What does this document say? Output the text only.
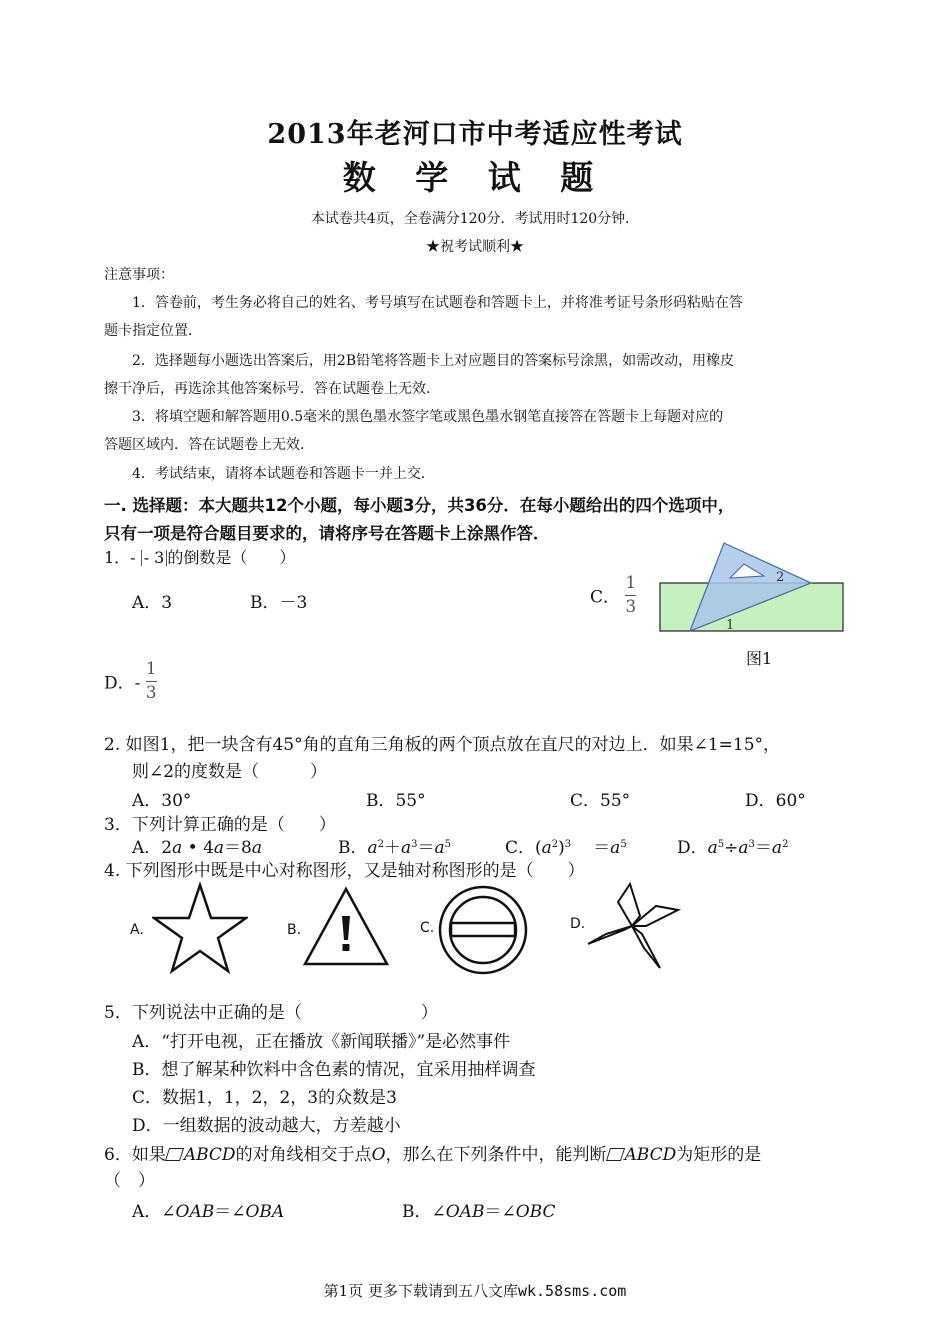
2013年老河口市中考适应性考试
数 学 试 题
本试卷共4页，全卷满分120分．考试用时120分钟．
★祝考试顺利★
注意事项：
1．答卷前，考生务必将自己的姓名、考号填写在试题卷和答题卡上，并将准考证号条形码粘贴在答
题卡指定位置．
2．选择题每小题选出答案后，用2B铅笔将答题卡上对应题目的答案标号涂黑，如需改动，用橡皮
擦干净后，再选涂其他答案标号．答在试题卷上无效．
3．将填空题和解答题用0.5毫米的黑色墨水签字笔或黑色墨水钢笔直接答在答题卡上每题对应的
答题区域内．答在试题卷上无效．
4．考试结束，请将本试题卷和答题卡一并上交．
一. 选择题：本大题共12个小题，每小题3分，共36分．在每小题给出的四个选项中，
只有一项是符合题目要求的，请将序号在答题卡上涂黑作答．
1．- - 3 的倒数是（　　）
A．3	B．－3	C． $\frac{1}{3}$
D．- $\frac{1}{3}$
2
1
图1
2. 如图1，把一块含有45°角的直角三角板的两个顶点放在直尺的对边上．如果∠1=15°，
则∠2的度数是（　　　）
A．30°	B．55°	C．55°	D．60°
3．下列计算正确的是（　　）
A．2a • 4a＝8a	B．$a^2+a^3=a^5$	C．$(a^2)^3 =a^5$	D．$a^5\div a^3=a^2$
4. 下列图形中既是中心对称图形，又是轴对称图形的是（　　）
A.	B.	C.	D.
5．下列说法中正确的是（　　　　　　　）
A．“打开电视，正在播放《新闻联播》”是必然事件
B．想了解某种饮料中含色素的情况，宜采用抽样调查
C．数据1，1，2，2，3的众数是3
D．一组数据的波动越大，方差越小
6．如果 ABCD的对角线相交于点O，那么在下列条件中，能判断 ABCD为矩形的是
（　）
A．∠OAB＝∠OBA	B．∠OAB＝∠OBC
第1页 更多下载请到五八文库wk.58sms.com
